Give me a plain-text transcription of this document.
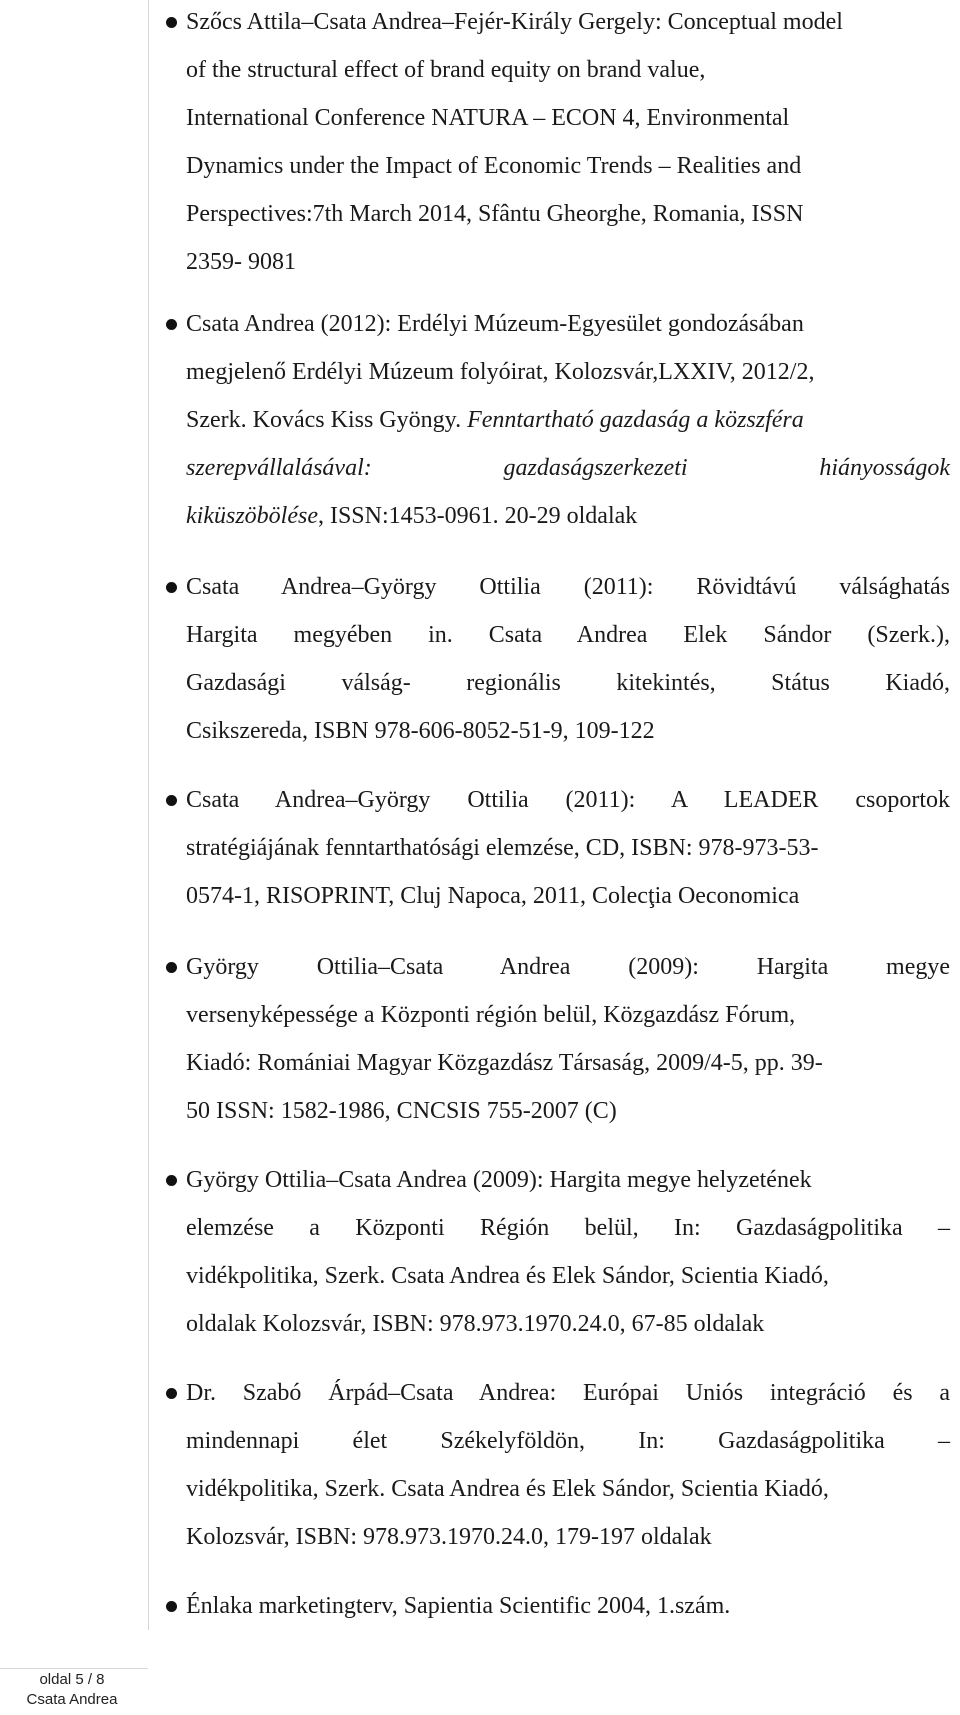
oldal 5 / 8
Csata Andrea
Szőcs Attila–Csata Andrea–Fejér-Király Gergely: Conceptual model
of the structural effect of brand equity on brand value,
International Conference NATURA – ECON 4, Environmental
Dynamics under the Impact of Economic Trends – Realities and
Perspectives:7th March 2014, Sfântu Gheorghe, Romania, ISSN
2359- 9081
Csata Andrea (2012): Erdélyi Múzeum-Egyesület gondozásában
megjelenő Erdélyi Múzeum folyóirat, Kolozsvár,LXXIV, 2012/2,
Szerk. Kovács Kiss Gyöngy. Fenntartható gazdaság a közszféra
szerepvállalásával: gazdaságszerkezeti hiányosságok
kiküszöbölése, ISSN:1453-0961. 20-29 oldalak
Csata Andrea–György Ottilia (2011): Rövidtávú válsághatás
Hargita megyében in. Csata Andrea Elek Sándor (Szerk.),
Gazdasági válság- regionális kitekintés, Státus Kiadó,
Csikszereda, ISBN 978-606-8052-51-9, 109-122
Csata Andrea–György Ottilia (2011): A LEADER csoportok
stratégiájának fenntarthatósági elemzése, CD, ISBN: 978-973-53-
0574-1, RISOPRINT, Cluj Napoca, 2011, Colecţia Oeconomica
György Ottilia–Csata Andrea (2009): Hargita megye
versenyképessége a Központi régión belül, Közgazdász Fórum,
Kiadó: Romániai Magyar Közgazdász Társaság, 2009/4-5, pp. 39-
50 ISSN: 1582-1986, CNCSIS 755-2007 (C)
György Ottilia–Csata Andrea (2009): Hargita megye helyzetének
elemzése a Központi Régión belül, In: Gazdaságpolitika –
vidékpolitika, Szerk. Csata Andrea és Elek Sándor, Scientia Kiadó,
oldalak Kolozsvár, ISBN: 978.973.1970.24.0, 67-85 oldalak
Dr. Szabó Árpád–Csata Andrea: Európai Uniós integráció és a
mindennapi élet Székelyföldön, In: Gazdaságpolitika –
vidékpolitika, Szerk. Csata Andrea és Elek Sándor, Scientia Kiadó,
Kolozsvár, ISBN: 978.973.1970.24.0, 179-197 oldalak
Énlaka marketingterv, Sapientia Scientific 2004, 1.szám.
